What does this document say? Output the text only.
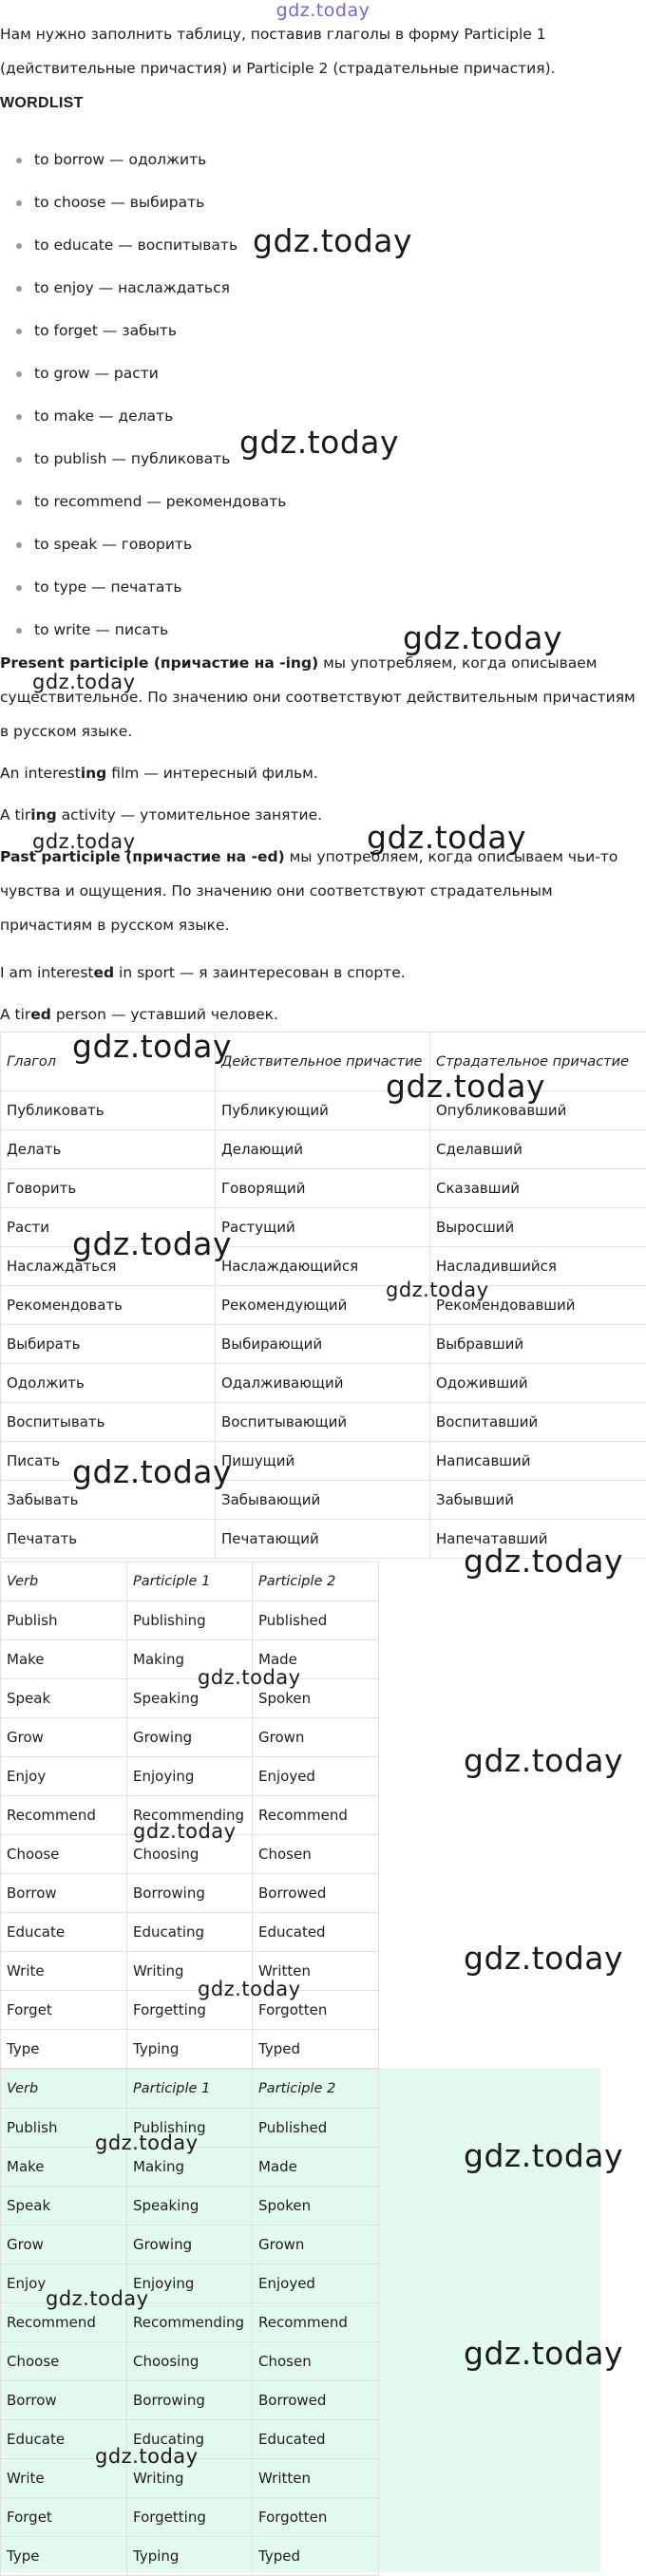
gdz.today

Нам нужно заполнить таблицу, поставив глаголы в форму Participle 1 (действительные причастия) и Participle 2 (страдательные причастия).

WORDLIST
to borrow — одолжить
to choose — выбирать
to educate — воспитывать
to enjoy — наслаждаться
to forget — забыть
to grow — расти
to make — делать
to publish — публиковать
to recommend — рекомендовать
to speak — говорить
to type — печатать
to write — писать

Present participle (причастие на -ing) мы употребляем, когда описываем существительное. По значению они соответствуют действительным причастиям в русском языке.

An interesting film — интересный фильм.

A tiring activity — утомительное занятие.

Past participle (причастие на -ed) мы употребляем, когда описываем чьи-то чувства и ощущения. По значению они соответствуют страдательным причастиям в русском языке.

I am interested in sport — я заинтересован в спорте.

A tired person — уставший человек.

Глагол	Действительное причастие	Страдательное причастие
Публиковать	Публикующий	Опубликовавший
Делать	Делающий	Сделавший
Говорить	Говорящий	Сказавший
Расти	Растущий	Выросший
Наслаждаться	Наслаждающийся	Насладившийся
Рекомендовать	Рекомендующий	Рекомендовавший
Выбирать	Выбирающий	Выбравший
Одолжить	Одалживающий	Одоживший
Воспитывать	Воспитывающий	Воспитавший
Писать	Пишущий	Написавший
Забывать	Забывающий	Забывший
Печатать	Печатающий	Напечатавший
Verb	Participle 1	Participle 2
Publish	Publishing	Published
Make	Making	Made
Speak	Speaking	Spoken
Grow	Growing	Grown
Enjoy	Enjoying	Enjoyed
Recommend	Recommending	Recommend
Choose	Choosing	Chosen
Borrow	Borrowing	Borrowed
Educate	Educating	Educated
Write	Writing	Written
Forget	Forgetting	Forgotten
Type	Typing	Typed
Verb	Participle 1	Participle 2
Publish	Publishing	Published
Make	Making	Made
Speak	Speaking	Spoken
Grow	Growing	Grown
Enjoy	Enjoying	Enjoyed
Recommend	Recommending	Recommend
Choose	Choosing	Chosen
Borrow	Borrowing	Borrowed
Educate	Educating	Educated
Write	Writing	Written
Forget	Forgetting	Forgotten
Type	Typing	Typed
gdz.today
gdz.today
gdz.today
gdz.today
gdz.today
gdz.today
gdz.today
gdz.today
gdz.today
gdz.today
gdz.today
gdz.today
gdz.today
gdz.today
gdz.today
gdz.today
gdz.today
gdz.today	gdz.today
gdz.today
gdz.today
gdz.today
